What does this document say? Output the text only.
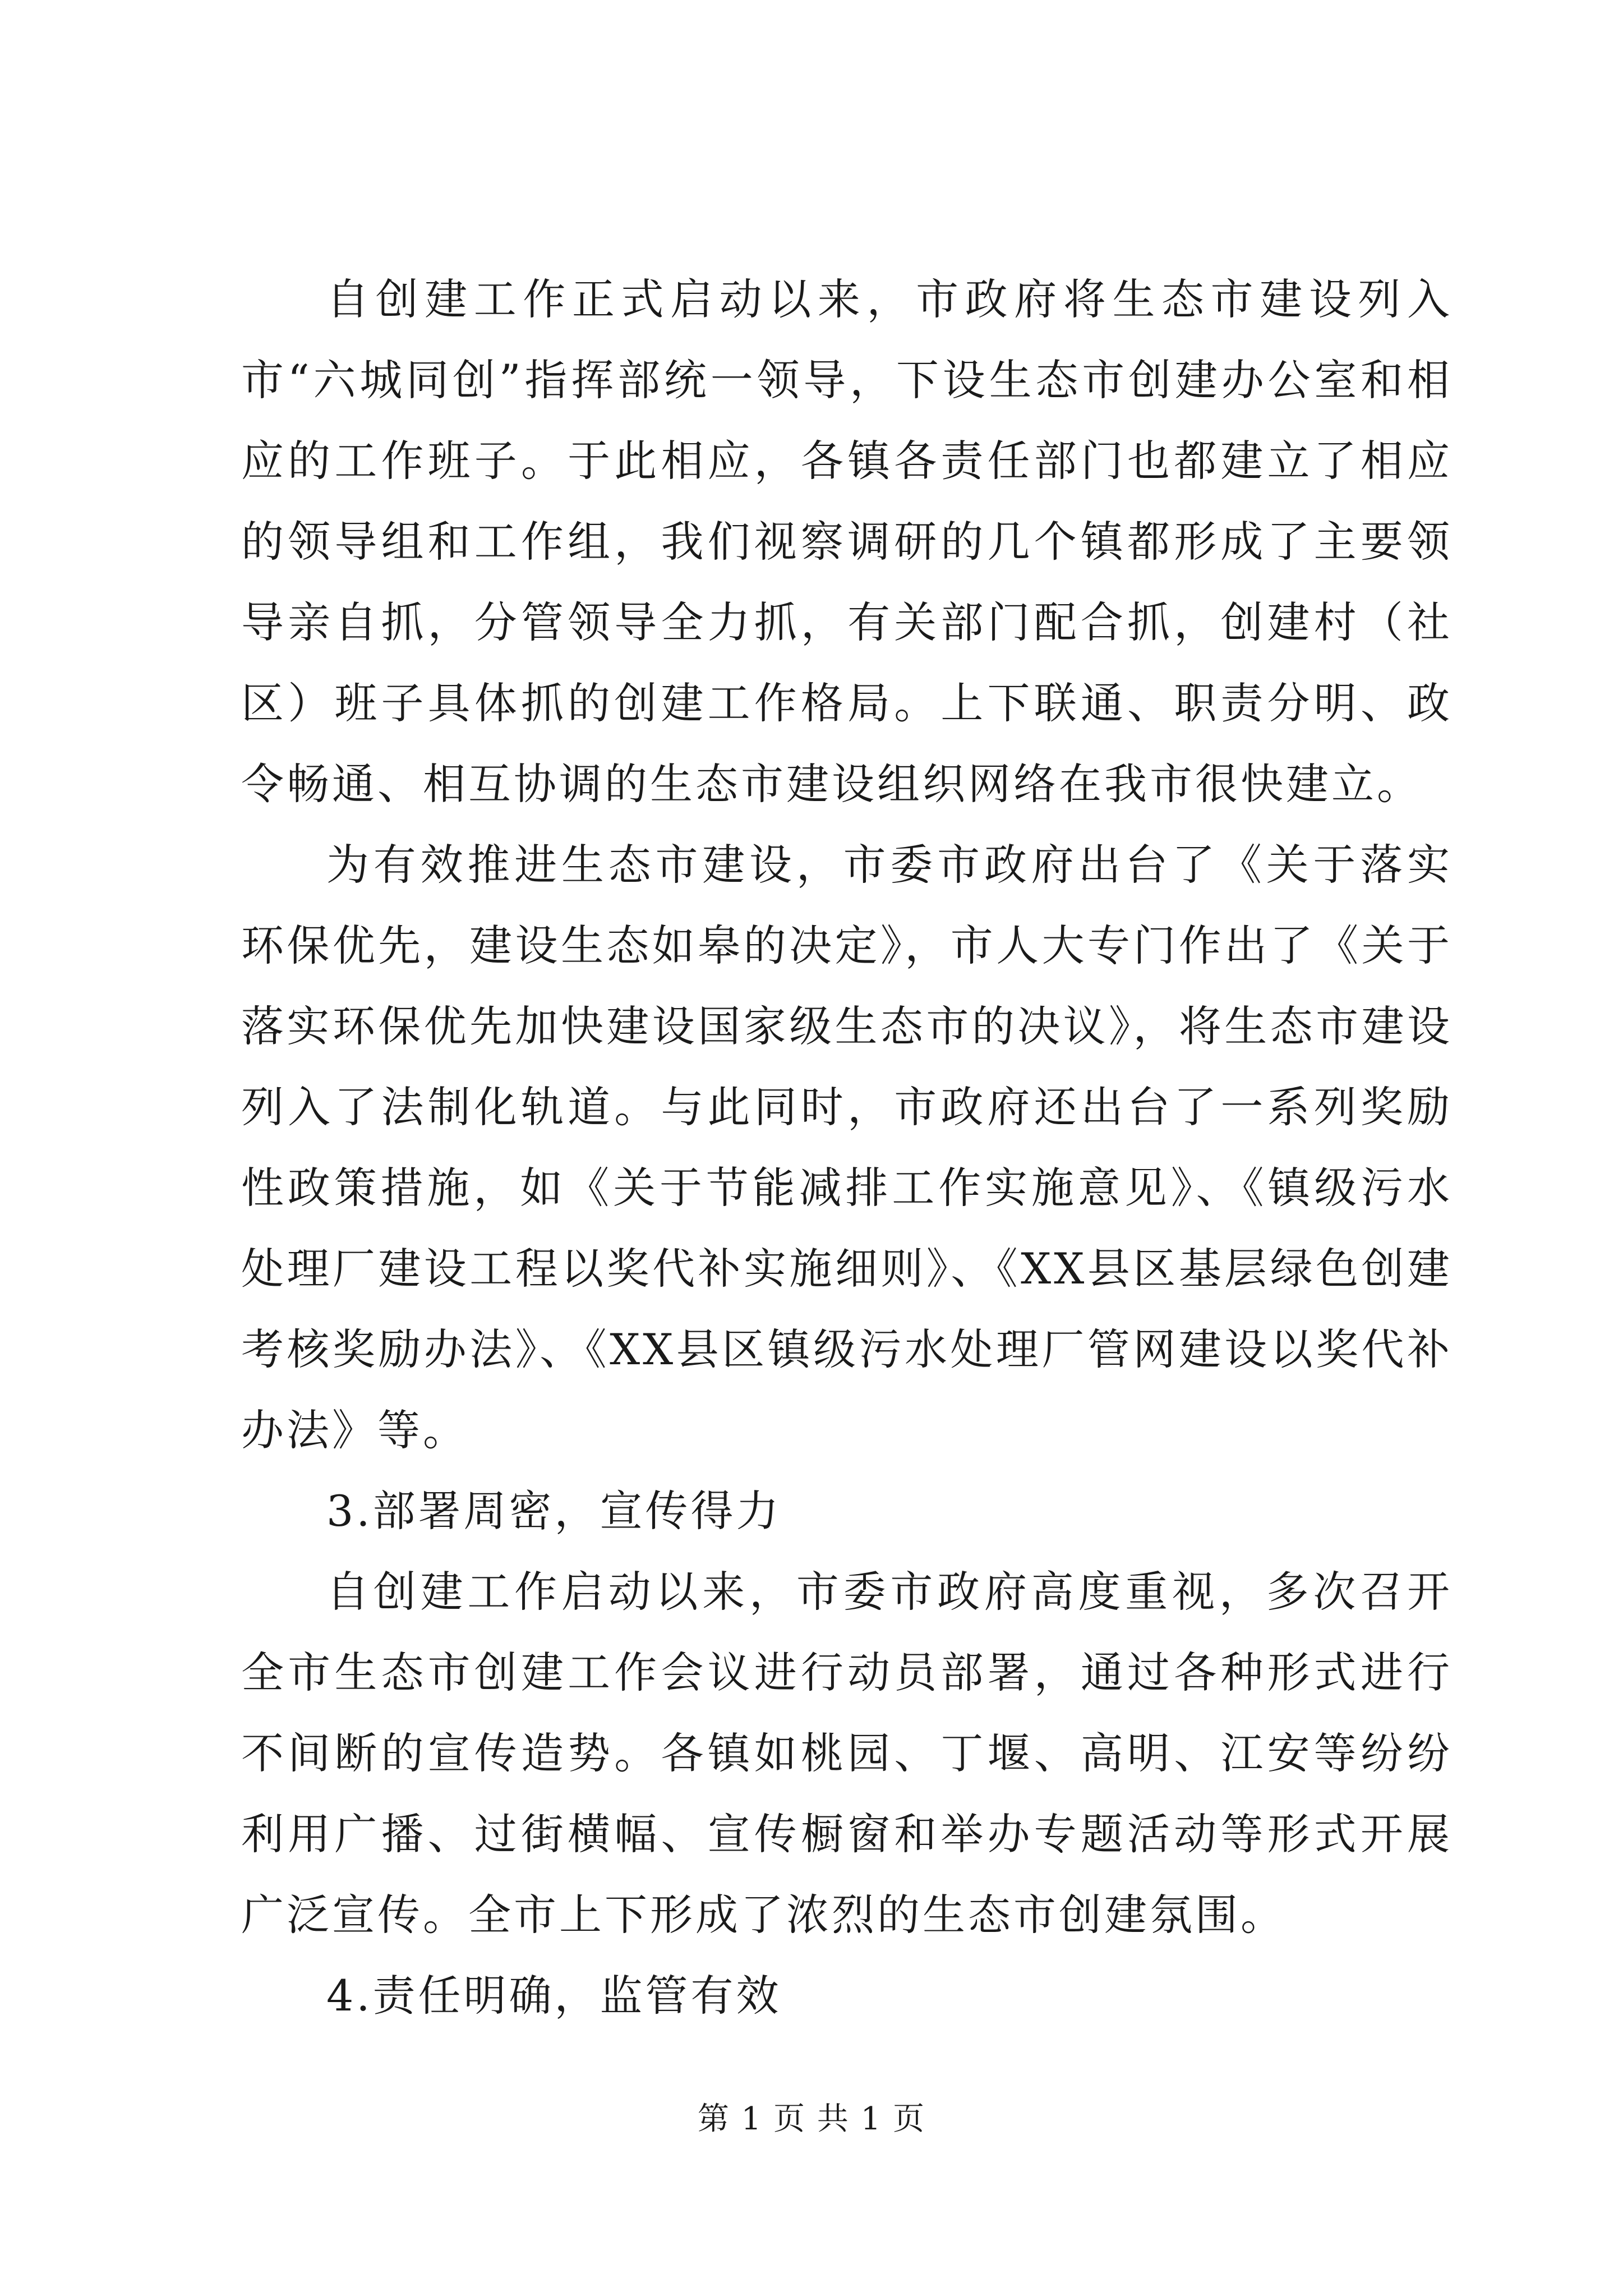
自创建工作正式启动以来，市政府将生态市建设列入市“六城同创”指挥部统一领导，下设生态市创建办公室和相应的工作班子。于此相应，各镇各责任部门也都建立了相应的领导组和工作组，我们视察调研的几个镇都形成了主要领导亲自抓，分管领导全力抓，有关部门配合抓，创建村（社区）班子具体抓的创建工作格局。上下联通、职责分明、政令畅通、相互协调的生态市建设组织网络在我市很快建立。

为有效推进生态市建设，市委市政府出台了《关于落实环保优先，建设生态如皋的决定》，市人大专门作出了《关于落实环保优先加快建设国家级生态市的决议》，将生态市建设列入了法制化轨道。与此同时，市政府还出台了一系列奖励性政策措施，如《关于节能减排工作实施意见》、《镇级污水处理厂建设工程以奖代补实施细则》、《XX县区基层绿色创建考核奖励办法》、《XX县区镇级污水处理厂管网建设以奖代补办法》等。

3.部署周密，宣传得力

自创建工作启动以来，市委市政府高度重视，多次召开全市生态市创建工作会议进行动员部署，通过各种形式进行不间断的宣传造势。各镇如桃园、丁堰、高明、江安等纷纷利用广播、过街横幅、宣传橱窗和举办专题活动等形式开展广泛宣传。全市上下形成了浓烈的生态市创建氛围。

4.责任明确，监管有效

第 1 页 共 1 页
